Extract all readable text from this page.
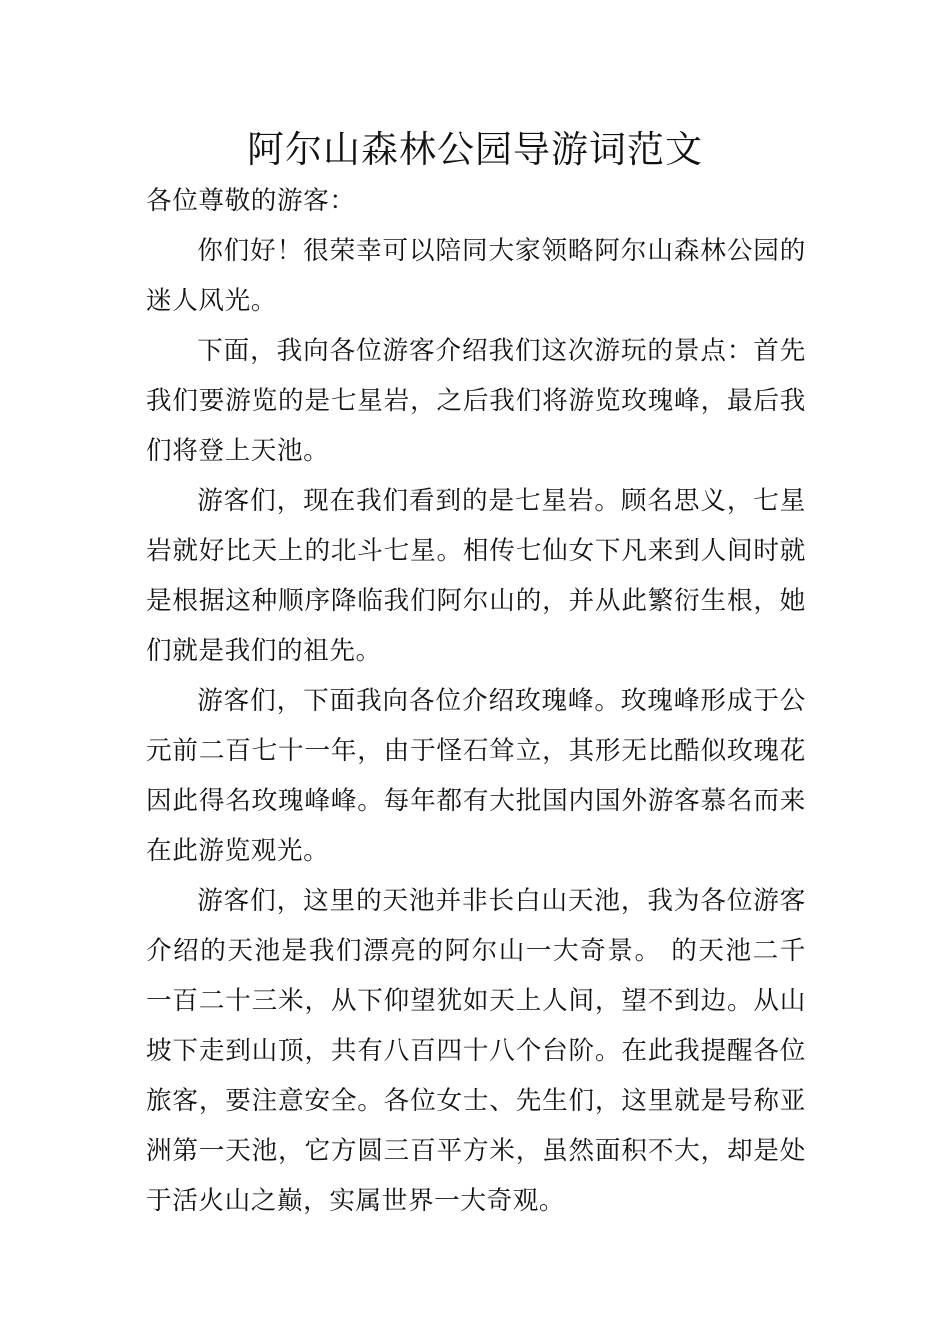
阿尔山森林公园导游词范文

各位尊敬的游客：

你们好！很荣幸可以陪同大家领略阿尔山森林公园的迷人风光。

下面，我向各位游客介绍我们这次游玩的景点：首先我们要游览的是七星岩，之后我们将游览玫瑰峰，最后我们将登上天池。

游客们，现在我们看到的是七星岩。顾名思义，七星岩就好比天上的北斗七星。相传七仙女下凡来到人间时就是根据这种顺序降临我们阿尔山的，并从此繁衍生根，她们就是我们的祖先。

游客们，下面我向各位介绍玫瑰峰。玫瑰峰形成于公元前二百七十一年，由于怪石耸立，其形无比酷似玫瑰花因此得名玫瑰峰峰。每年都有大批国内国外游客慕名而来在此游览观光。

游客们，这里的天池并非长白山天池，我为各位游客介绍的天池是我们漂亮的阿尔山一大奇景。 的天池二千一百二十三米，从下仰望犹如天上人间，望不到边。从山坡下走到山顶，共有八百四十八个台阶。在此我提醒各位旅客，要注意安全。各位女士、先生们，这里就是号称亚洲第一天池，它方圆三百平方米，虽然面积不大，却是处于活火山之巅，实属世界一大奇观。
